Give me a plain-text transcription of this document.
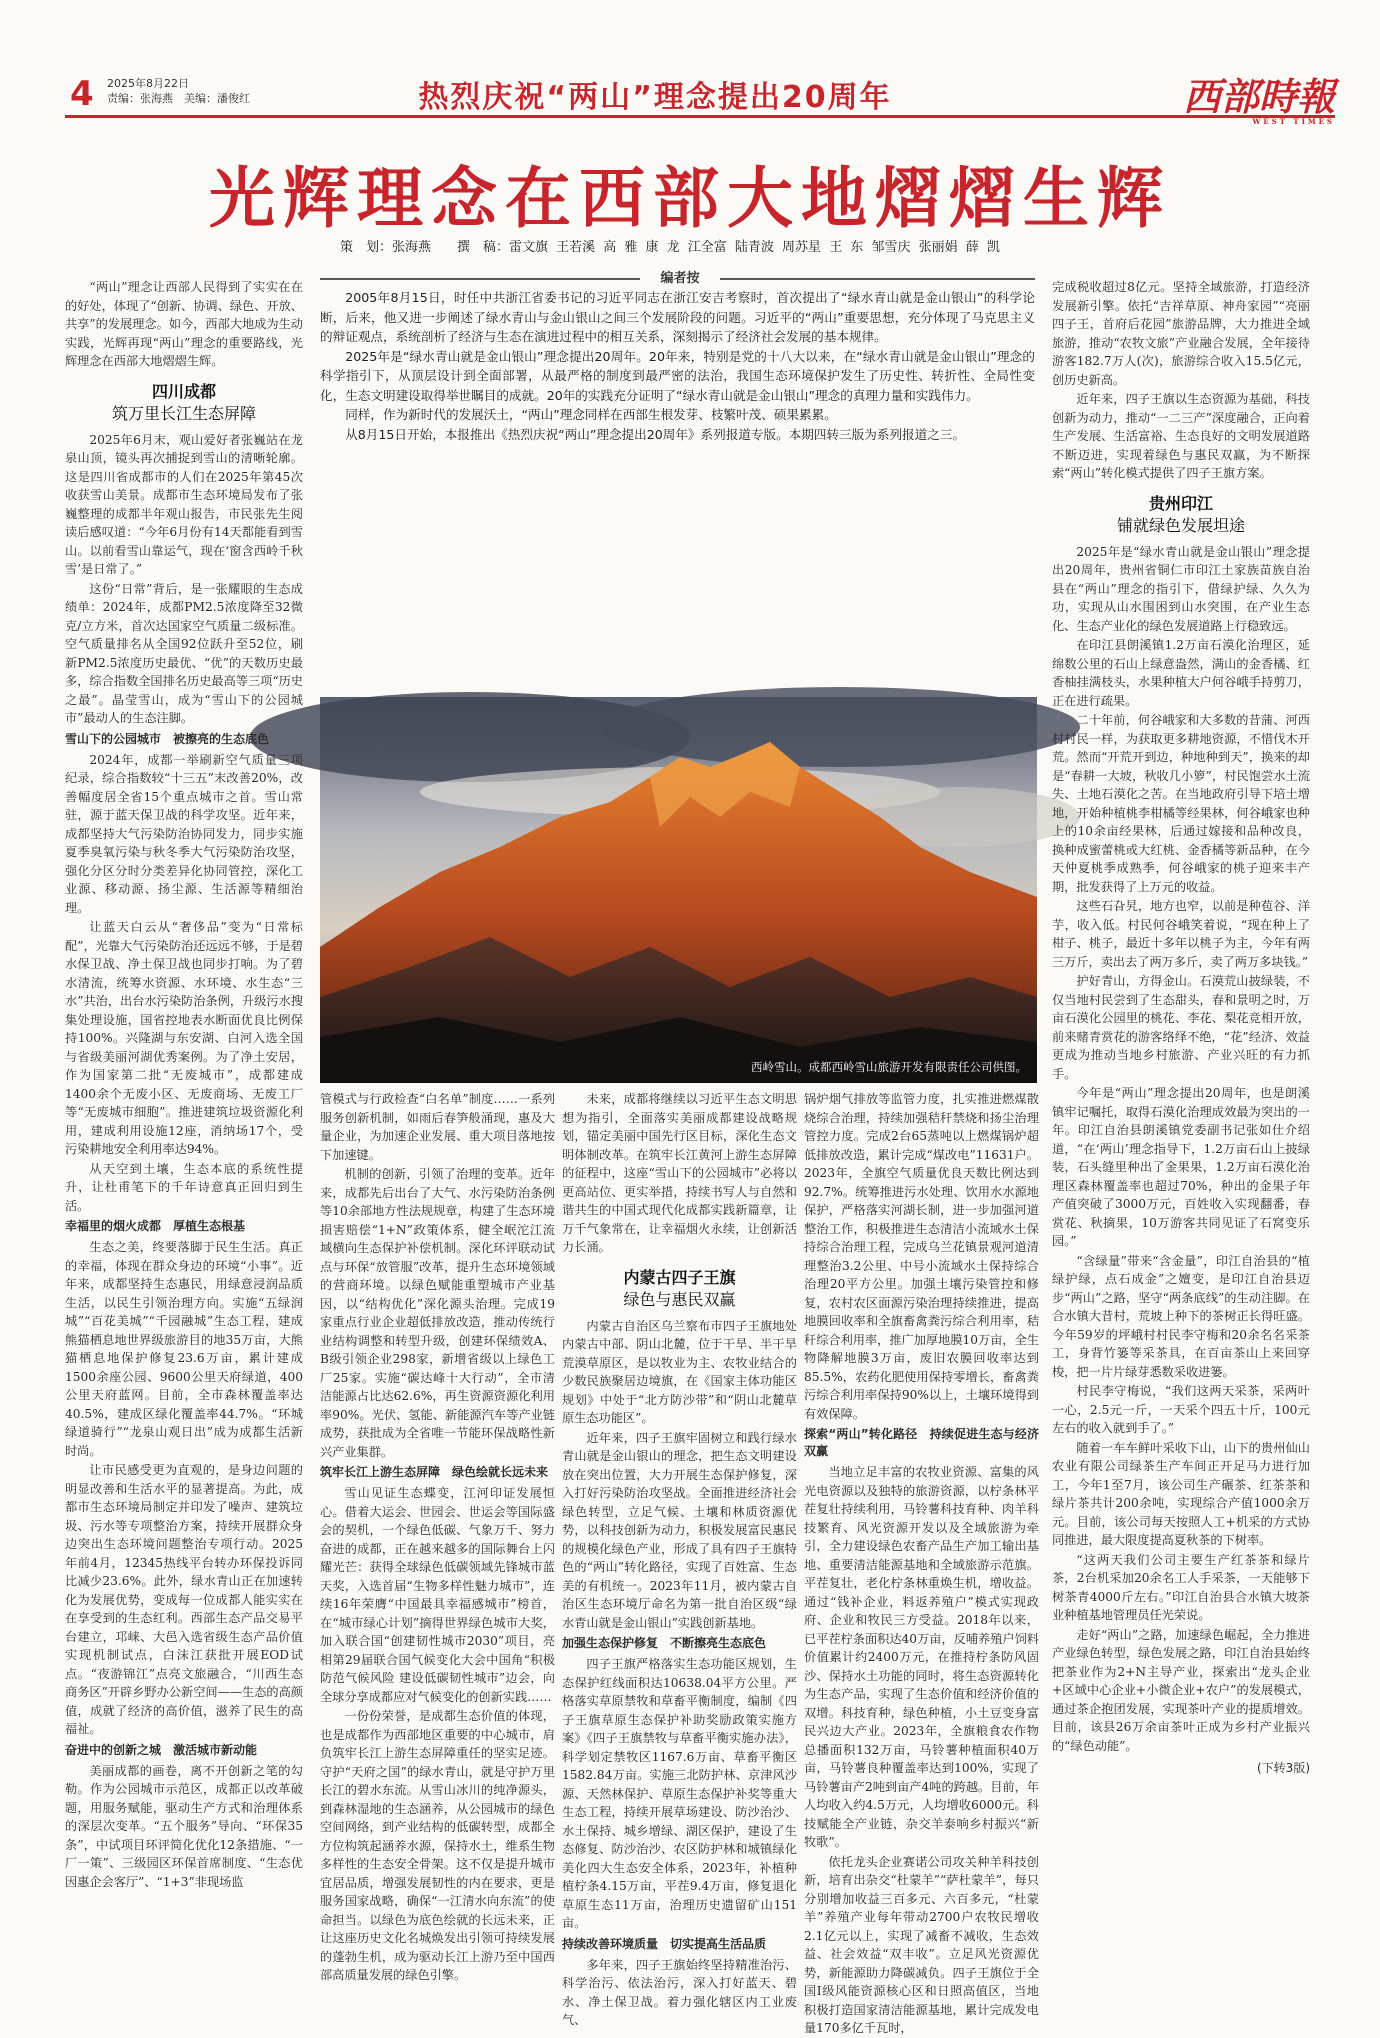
4 2025年8月22日
责编：张海燕　美编：潘俊红	热烈庆祝“两山”理念提出20周年	西部時報
WEST TIMES
光辉理念在西部大地熠熠生辉
策　划：张海燕　　撰　稿：雷文旗 王若溪 高 雅 康 龙 江全富 陆青波 周苏星 王 东 邹雪庆 张丽娟 薛 凯
编者按

2005年8月15日，时任中共浙江省委书记的习近平同志在浙江安吉考察时，首次提出了“绿水青山就是金山银山”的科学论断，后来，他又进一步阐述了绿水青山与金山银山之间三个发展阶段的问题。习近平的“两山”重要思想，充分体现了马克思主义的辩证观点，系统剖析了经济与生态在演进过程中的相互关系，深刻揭示了经济社会发展的基本规律。

2025年是“绿水青山就是金山银山”理念提出20周年。20年来，特别是党的十八大以来，在“绿水青山就是金山银山”理念的科学指引下，从顶层设计到全面部署，从最严格的制度到最严密的法治，我国生态环境保护发生了历史性、转折性、全局性变化，生态文明建设取得举世瞩目的成就。20年的实践充分证明了“绿水青山就是金山银山”理念的真理力量和实践伟力。

同样，作为新时代的发展沃土，“两山”理念同样在西部生根发芽、枝繁叶茂、硕果累累。

从8月15日开始，本报推出《热烈庆祝“两山”理念提出20周年》系列报道专版。本期四转三版为系列报道之三。

西岭雪山。成都西岭雪山旅游开发有限责任公司供图。

“两山”理念让西部人民得到了实实在在的好处，体现了“创新、协调、绿色、开放、共享”的发展理念。如今，西部大地成为生动实践，光辉再现“两山”理念的重要路线，光辉理念在西部大地熠熠生辉。

四川成都
筑万里长江生态屏障

2025年6月末，观山爱好者张巍站在龙泉山顶，镜头再次捕捉到雪山的清晰轮廓。这是四川省成都市的人们在2025年第45次收获雪山美景。成都市生态环境局发布了张巍整理的成都半年观山报告，市民张先生阅读后感叹道：“今年6月份有14天都能看到雪山。以前看雪山靠运气，现在‘窗含西岭千秋雪’是日常了。”

这份“日常”背后，是一张耀眼的生态成绩单：2024年，成都PM2.5浓度降至32微克/立方米，首次达国家空气质量二级标准。空气质量排名从全国92位跃升至52位，刷新PM2.5浓度历史最优、“优”的天数历史最多，综合指数全国排名历史最高等三项“历史之最”。晶莹雪山，成为“雪山下的公园城市”最动人的生态注脚。

雪山下的公园城市　被擦亮的生态底色

2024年，成都一举刷新空气质量三项纪录，综合指数较“十三五”末改善20%，改善幅度居全省15个重点城市之首。雪山常驻，源于蓝天保卫战的科学攻坚。近年来，成都坚持大气污染防治协同发力，同步实施夏季臭氧污染与秋冬季大气污染防治攻坚，强化分区分时分类差异化协同管控，深化工业源、移动源、扬尘源、生活源等精细治理。

让蓝天白云从“奢侈品”变为“日常标配”，光靠大气污染防治还远远不够，于是碧水保卫战、净土保卫战也同步打响。为了碧水清流，统筹水资源、水环境、水生态“三水”共治，出台水污染防治条例，升级污水搜集处理设施，国省控地表水断面优良比例保持100%。兴隆湖与东安湖、白河入选全国与省级美丽河湖优秀案例。为了净土安居，作为国家第二批“无废城市”，成都建成1400余个无废小区、无废商场、无废工厂等“无废城市细胞”。推进建筑垃圾资源化利用，建成利用设施12座，消纳场17个，受污染耕地安全利用率达94%。

从天空到土壤，生态本底的系统性提升，让杜甫笔下的千年诗意真正回归到生活。

幸福里的烟火成都　厚植生态根基

生态之美，终要落脚于民生生活。真正的幸福，体现在群众身边的环境“小事”。近年来，成都坚持生态惠民，用绿意浸润品质生活，以民生引领治理方向。实施“五绿润城”“百花美城”“千园融城”生态工程，建成熊猫栖息地世界级旅游目的地35万亩，大熊猫栖息地保护修复23.6万亩，累计建成1500余座公园、9600公里天府绿道，400公里天府蓝网。目前，全市森林覆盖率达40.5%，建成区绿化覆盖率44.7%。“环城绿道骑行”“龙泉山观日出”成为成都生活新时尚。

让市民感受更为直观的，是身边问题的明显改善和生活水平的显著提高。为此，成都市生态环境局制定并印发了噪声、建筑垃圾、污水等专项整治方案，持续开展群众身边突出生态环境问题整治专项行动。2025年前4月，12345热线平台转办环保投诉同比减少23.6%。此外，绿水青山正在加速转化为发展优势，变成每一位成都人能实实在在享受到的生态红利。西部生态产品交易平台建立，邛崃、大邑入选省级生态产品价值实现机制试点，白沫江获批开展EOD试点。“夜游锦江”点亮文旅融合，“川西生态商务区”开辟乡野办公新空间——生态的高颜值，成就了经济的高价值，滋养了民生的高福祉。

奋进中的创新之城　激活城市新动能

美丽成都的画卷，离不开创新之笔的勾勒。作为公园城市示范区，成都正以改革破题，用服务赋能，驱动生产方式和治理体系的深层次变革。“五个服务”导向、“环保35条”，中试项目环评简化优化12条措施、“一厂一策”、三级园区环保首席制度、“生态优因惠企会客厅”、“1+3”非现场监

管模式与行政检查“白名单”制度……一系列服务创新机制，如雨后春笋般涌现，惠及大量企业，为加速企业发展、重大项目落地按下加速键。

机制的创新，引领了治理的变革。近年来，成都先后出台了大气、水污染防治条例等10余部地方性法规规章，构建了生态环境损害赔偿“1+N”政策体系，健全岷沱江流域横向生态保护补偿机制。深化环评联动试点与环保“放管服”改革，提升生态环境领域的营商环境。以绿色赋能重塑城市产业基因，以“结构优化”深化源头治理。完成19家重点行业企业超低排放改造，推动传统行业结构调整和转型升级，创建环保绩效A、B级引领企业298家，新增省级以上绿色工厂25家。实施“碳达峰十大行动”，全市清洁能源占比达62.6%，再生资源资源化利用率90%。光伏、氢能、新能源汽车等产业链成势，获批成为全省唯一节能环保战略性新兴产业集群。

筑牢长江上游生态屏障　绿色绘就长远未来

雪山见证生态蝶变，江河印证发展恒心。借着大运会、世园会、世运会等国际盛会的契机，一个绿色低碳、气象万千、努力奋进的成都，正在越来越多的国际舞台上闪耀光芒：获得全球绿色低碳领域先锋城市蓝天奖，入选首届“生物多样性魅力城市”，连续16年荣膺“中国最具幸福感城市”榜首，在“城市绿心计划”摘得世界绿色城市大奖，加入联合国“创建韧性城市2030”项目，亮相第29届联合国气候变化大会中国角“积极防范气候风险 建设低碳韧性城市”边会，向全球分享成都应对气候变化的创新实践……

一份份荣誉，是成都生态价值的体现，也是成都作为西部地区重要的中心城市，肩负筑牢长江上游生态屏障重任的坚实足迹。守护“天府之国”的绿水青山，就是守护万里长江的碧水东流。从雪山冰川的纯净源头，到森林湿地的生态涵养，从公园城市的绿色空间网络，到产业结构的低碳转型，成都全方位构筑起涵养水源，保持水土，维系生物多样性的生态安全骨架。这不仅是提升城市宜居品质，增强发展韧性的内在要求，更是服务国家战略，确保“一江清水向东流”的使命担当。以绿色为底色绘就的长远未来，正让这座历史文化名城焕发出引领可持续发展的蓬勃生机，成为驱动长江上游乃至中国西部高质量发展的绿色引擎。

未来，成都将继续以习近平生态文明思想为指引，全面落实美丽成都建设战略规划，锚定美丽中国先行区目标，深化生态文明体制改革。在筑牢长江黄河上游生态屏障的征程中，这座“雪山下的公园城市”必将以更高站位、更实举措，持续书写人与自然和谐共生的中国式现代化成都实践新篇章，让万千气象常在，让幸福烟火永续，让创新活力长涌。

内蒙古四子王旗
绿色与惠民双赢

内蒙古自治区乌兰察布市四子王旗地处内蒙古中部、阴山北麓，位于干旱、半干旱荒漠草原区，是以牧业为主、农牧业结合的少数民族聚居边境旗，在《国家主体功能区规划》中处于“北方防沙带”和“阴山北麓草原生态功能区”。

近年来，四子王旗牢固树立和践行绿水青山就是金山银山的理念，把生态文明建设放在突出位置，大力开展生态保护修复，深入打好污染防治攻坚战。全面推进经济社会绿色转型，立足气候、土壤和林质资源优势，以科技创新为动力，积极发展富民惠民的规模化绿色产业，形成了具有四子王旗特色的“两山”转化路径，实现了百姓富、生态美的有机统一。2023年11月，被内蒙古自治区生态环境厅命名为第一批自治区级“绿水青山就是金山银山”实践创新基地。

加强生态保护修复　不断擦亮生态底色

四子王旗严格落实生态功能区规划，生态保护红线面积达10638.04平方公里。严格落实草原禁牧和草畜平衡制度，编制《四子王旗草原生态保护补助奖励政策实施方案》《四子王旗禁牧与草畜平衡实施办法》，科学划定禁牧区1167.6万亩、草畜平衡区1582.84万亩。实施三北防护林、京津风沙源、天然林保护、草原生态保护补奖等重大生态工程，持续开展草场建设、防沙治沙、水土保持、城乡增绿、湖区保护，建设了生态修复、防沙治沙、农区防护林和城镇绿化美化四大生态安全体系，2023年，补植种植柠条4.15万亩，平茬9.4万亩，修复退化草原生态11万亩，治理历史遗留矿山151亩。

持续改善环境质量　切实提高生活品质

多年来，四子王旗始终坚持精准治污、科学治污、依法治污，深入打好蓝天、碧水、净土保卫战。着力强化辖区内工业废气、

锅炉烟气排放等监管力度，扎实推进燃煤散烧综合治理，持续加强秸秆禁烧和扬尘治理管控力度。完成2台65蒸吨以上燃煤锅炉超低排放改造，累计完成“煤改电”11631户。2023年，全旗空气质量优良天数比例达到92.7%。统筹推进污水处理、饮用水水源地保护，严格落实河湖长制，进一步加强河道整治工作，积极推进生态清洁小流域水土保持综合治理工程，完成乌兰花镇景观河道清理整治3.2公里、中号小流域水土保持综合治理20平方公里。加强土壤污染管控和修复，农村农区面源污染治理持续推进，提高地膜回收率和全旗畜禽粪污综合利用率，秸秆综合利用率，推广加厚地膜10万亩，全生物降解地膜3万亩，废旧农膜回收率达到85.5%，农药化肥使用保持零增长，畜禽粪污综合利用率保持90%以上，土壤环境得到有效保障。

探索“两山”转化路径　持续促进生态与经济双赢

当地立足丰富的农牧业资源、富集的风光电资源以及独特的旅游资源，以柠条林平茬复壮持续利用，马铃薯科技育种、肉羊科技繁育、风光资源开发以及全域旅游为牵引，全力建设绿色农畜产品生产加工输出基地、重要清洁能源基地和全域旅游示范旗。平茬复壮，老化柠条林重焕生机，增收益。通过“钱补企业，料返养殖户”模式实现政府、企业和牧民三方受益。2018年以来，已平茬柠条面积达40万亩，反哺养殖户饲料价值累计约2400万元，在推持柠条防风固沙、保持水土功能的同时，将生态资源转化为生态产品，实现了生态价值和经济价值的双增。科技育种，绿色种植，小土豆变身富民兴边大产业。2023年，全旗粮食农作物总播面积132万亩，马铃薯种植面积40万亩，马铃薯良种覆盖率达到100%，实现了马铃薯亩产2吨到亩产4吨的跨越。目前，年人均收入约4.5万元，人均增收6000元。科技赋能全产业链，杂交羊泰响乡村振兴“新牧歌”。

依托龙头企业赛诺公司攻关种羊科技创新，培育出杂交“杜蒙羊”“萨杜蒙羊”，每只分别增加收益三百多元、六百多元，“杜蒙羊”养殖产业每年带动2700户农牧民增收2.1亿元以上，实现了减畜不减收，生态效益、社会效益“双丰收”。立足风光资源优势，新能源助力降碳减负。四子王旗位于全国Ⅰ级风能资源核心区和日照高值区，当地积极打造国家清洁能源基地，累计完成发电量170多亿千瓦时，

完成税收超过8亿元。坚持全域旅游，打造经济发展新引擎。依托“吉祥草原、神舟家园”“亮丽四子王，首府后花园”旅游品牌，大力推进全域旅游，推动“农牧文旅”产业融合发展，全年接待游客182.7万人(次)，旅游综合收入15.5亿元，创历史新高。

近年来，四子王旗以生态资源为基础，科技创新为动力，推动“一二三产”深度融合，正向着生产发展、生活富裕、生态良好的文明发展道路不断迈进，实现着绿色与惠民双赢，为不断探索“两山”转化模式提供了四子王旗方案。

贵州印江
铺就绿色发展坦途

2025年是“绿水青山就是金山银山”理念提出20周年，贵州省铜仁市印江土家族苗族自治县在“两山”理念的指引下，借绿护绿、久久为功，实现从山水围困到山水突围，在产业生态化、生态产业化的绿色发展道路上行稳致远。

在印江县朗溪镇1.2万亩石漠化治理区，延绵数公里的石山上绿意盎然，满山的金香橘、红香柚挂满枝头，水果种植大户何谷峨手持剪刀，正在进行疏果。

二十年前，何谷峨家和大多数的昔蒲、河西村村民一样，为获取更多耕地资源，不惜伐木开荒。然而“开荒开到边，种地种到天”，换来的却是“春耕一大坡，秋收几小箩”，村民饱尝水土流失、土地石漠化之苦。在当地政府引导下培土增地，开始种植桃李柑橘等经果林，何谷峨家也种上的10余亩经果林，后通过嫁接和品种改良，换种成蜜蕾桃或大红桃、金香橘等新品种，在今天仲夏桃季成熟季，何谷峨家的桃子迎来丰产期，批发获得了上万元的收益。

这些石旮旯，地方也窄，以前是种苞谷、洋芋，收入低。村民何谷峨笑着说，“现在种上了柑子、桃子，最近十多年以桃子为主，今年有两三万斤，卖出去了两万多斤，卖了两万多块钱。”

护好青山，方得金山。石漠荒山披绿装，不仅当地村民尝到了生态甜头，春和景明之时，万亩石漠化公园里的桃花、李花、梨花竞相开放，前来赌青赏花的游客络绎不绝，“花”经济、效益更成为推动当地乡村旅游、产业兴旺的有力抓手。

今年是“两山”理念提出20周年，也是朗溪镇牢记嘱托，取得石漠化治理成效最为突出的一年。印江自治县朗溪镇党委副书记张如仕介绍道，“在‘两山’理念指导下，1.2万亩石山上披绿装，石头缝里种出了金果果，1.2万亩石漠化治理区森林覆盖率也超过70%，种出的金果子年产值突破了3000万元，百姓收入实现翻番，春赏花、秋摘果，10万游客共同见证了石窝变乐园。”

“含绿量”带来“含金量”，印江自治县的“植绿护绿，点石成金”之嬗变，是印江自治县迈步“两山”之路，坚守“两条底线”的生动注脚。在合水镇大昔村，荒坡上种下的茶树正长得旺盛。今年59岁的坪峨村村民李守梅和20余名名采茶工，身背竹篓等采茶具，在百亩茶山上来回穿梭，把一片片绿芽悉数采收进篓。

村民李守梅说，“我们这两天采茶，采两叶一心，2.5元一斤，一天采个四五十斤，100元左右的收入就到手了。”

随着一车车鲜叶采收下山，山下的贵州仙山农业有限公司绿茶生产车间正开足马力进行加工，今年1至7月，该公司生产碾茶、红茶茶和绿片茶共计200余吨，实现综合产值1000余万元。目前，该公司每天按照人工+机采的方式协同推进，最大限度提高夏秋茶的下树率。

“这两天我们公司主要生产红茶茶和绿片茶，2台机采加20余名工人手采茶，一天能够下树茶青4000斤左右。”印江自治县合水镇大坡茶业种植基地管理员任光荣说。

走好“两山”之路，加速绿色崛起，全力推进产业绿色转型，绿色发展之路，印江自治县始终把茶业作为2+N主导产业，探索出“龙头企业+区域中心企业+小微企业+农户”的发展模式，通过茶企抱团发展，实现茶叶产业的提质增效。目前，该县26万余亩茶叶正成为乡村产业振兴的“绿色动能”。

(下转3版)
